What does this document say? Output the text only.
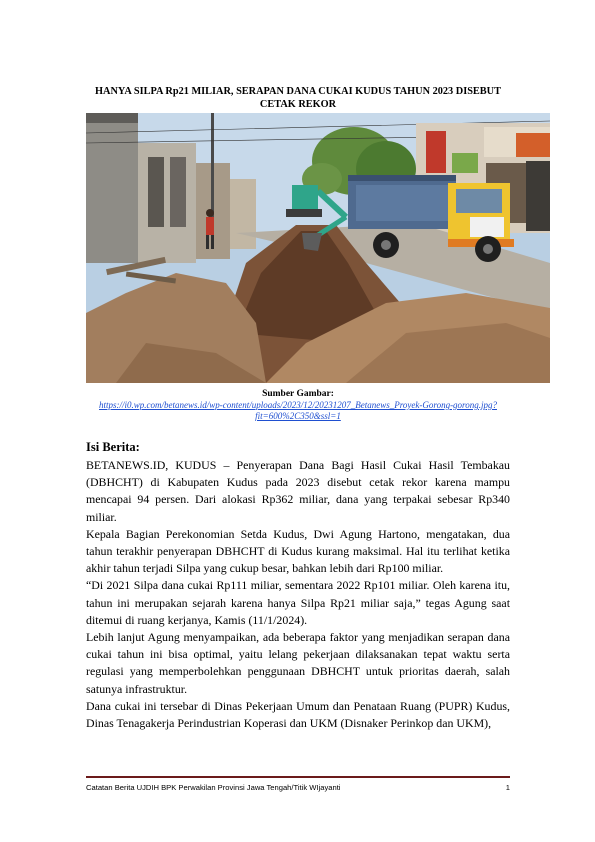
HANYA SILPA Rp21 MILIAR, SERAPAN DANA CUKAI KUDUS TAHUN 2023 DISEBUT CETAK REKOR
Sumber Gambar:
https://i0.wp.com/betanews.id/wp-content/uploads/2023/12/20231207_Betanews_Proyek-Gorong-gorong.jpg?fit=600%2C350&ssl=1
Isi Berita:

BETANEWS.ID, KUDUS – Penyerapan Dana Bagi Hasil Cukai Hasil Tembakau (DBHCHT) di Kabupaten Kudus pada 2023 disebut cetak rekor karena mampu mencapai 94 persen. Dari alokasi Rp362 miliar, dana yang terpakai sebesar Rp340 miliar.

Kepala Bagian Perekonomian Setda Kudus, Dwi Agung Hartono, mengatakan, dua tahun terakhir penyerapan DBHCHT di Kudus kurang maksimal. Hal itu terlihat ketika akhir tahun terjadi Silpa yang cukup besar, bahkan lebih dari Rp100 miliar.

“Di 2021 Silpa dana cukai Rp111 miliar, sementara 2022 Rp101 miliar. Oleh karena itu, tahun ini merupakan sejarah karena hanya Silpa Rp21 miliar saja,” tegas Agung saat ditemui di ruang kerjanya, Kamis (11/1/2024).

Lebih lanjut Agung menyampaikan, ada beberapa faktor yang menjadikan serapan dana cukai tahun ini bisa optimal, yaitu lelang pekerjaan dilaksanakan tepat waktu serta regulasi yang memperbolehkan penggunaan DBHCHT untuk prioritas daerah, salah satunya infrastruktur.

Dana cukai ini tersebar di Dinas Pekerjaan Umum dan Penataan Ruang (PUPR) Kudus, Dinas Tenagakerja Perindustrian Koperasi dan UKM (Disnaker Perinkop dan UKM),

Catatan Berita UJDIH BPK Perwakilan Provinsi Jawa Tengah/Titik WIjayanti	1
